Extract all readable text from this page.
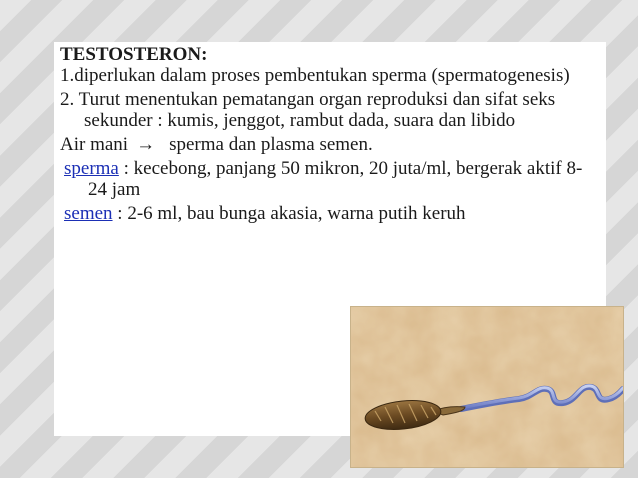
TESTOSTERON:

1.diperlukan dalam proses pembentukan sperma (spermatogenesis)

2. Turut menentukan pematangan organ reproduksi dan sifat seks sekunder : kumis, jenggot, rambut dada, suara dan libido

Air mani → sperma dan plasma semen.

sperma : kecebong, panjang 50 mikron, 20 juta/ml, bergerak aktif 8-24 jam

semen : 2-6 ml, bau bunga akasia, warna putih keruh
